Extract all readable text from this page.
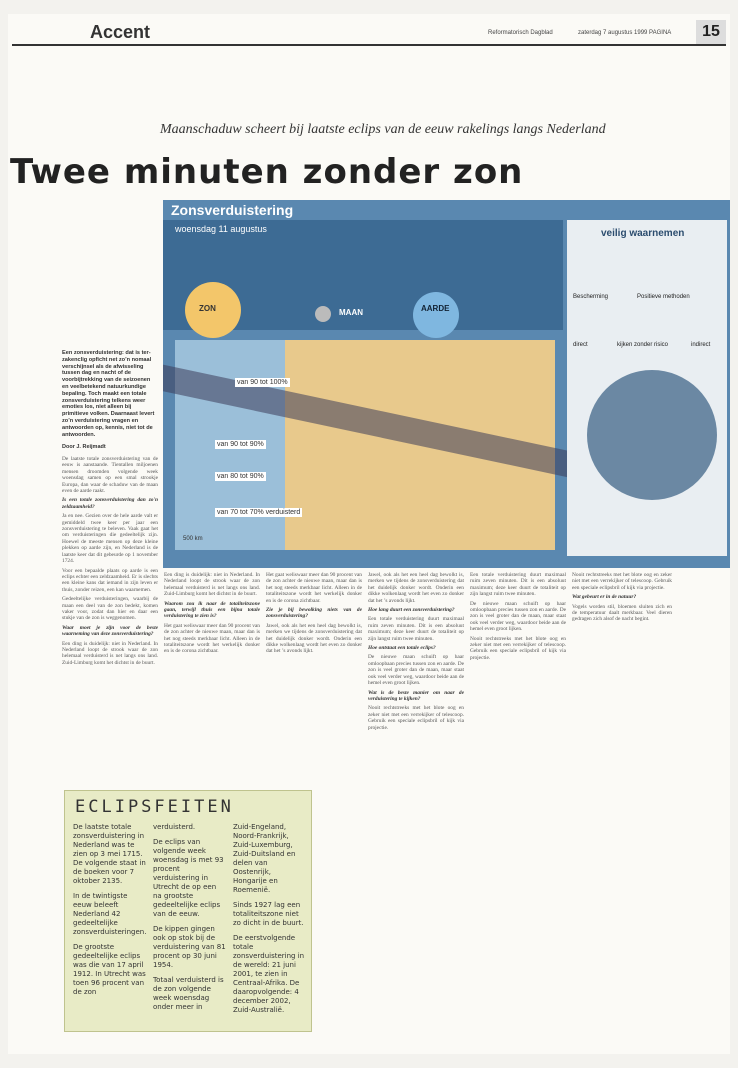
Accent	Reformatorisch Dagblad	zaterdag 7 augustus 1999 PAGINA	15
Maanschaduw scheert bij laatste eclips van de eeuw rakelings langs Nederland
Twee minuten zonder zon
Zonsverduistering
woensdag 11 augustus
ZON	MAAN	AARDE
van 90 tot 100%
van 90 tot 90%
van 80 tot 90%
van 70 tot 70% verduisterd
500 km
veilig waarnemen
Bescherming	Positieve methoden
direct	kijken zonder risico	indirect
Een zonsverduistering: dat is ter-zakenclig opficht net zo’n nomaal verschijnsel als de afwisseling tussen dag en nacht of de voorbijtrekking van de seizoenen en veelbetekend natuurkundige bepaling. Toch maakt een totale zonsverduistering telkens weer emoties los, niet alleen bij primitieve volken. Daarnaast levert zo’n verduistering vragen en antwoorden op, kennis, niet tot de antwoorden.
Door J. Reijmadt

De laatste totale zonsverduistering van de eeuw is aanstaande. Tientallen miljoenen mensen droomden volgende week woensdag samen op een smal strookje Europa, dan waar de schaduw van de maan even de aarde raakt.

Is een totale zonsverduistering dan zo'n zeldzaamheid?

Ja en nee. Gezien over de hele aarde valt er gemiddeld twee keer per jaar een zonsverduistering te beleven. Vaak gaat het om verduisteringen die gedeeltelijk zijn. Hoewel de meeste mensen op deze kleine plekken op aarde zijn, en Nederland is de laatste keer dat dit gebeurde op 1 november 1724.

Voor een bepaalde plaats op aarde is een eclips echter een zeldzaamheid. Er is slechts een kleine kans dat iemand in zijn leven er thuis, zonder reizen, een kan waarnemen.

Gedeeltelijke verduisteringen, waarbij de maan een deel van de zon bedekt, komen vaker voor, zodat dan hier en daar een stukje van de zon is weggenomen.

Waar moet je zijn voor de beste waarneming van deze zonsverduistering?

Een ding is duidelijk: niet in Nederland. In Nederland loopt de strook waar de zon helemaal verduisterd is net langs ons land. Zuid-Limburg komt het dichtst in de buurt.

Een ding is duidelijk: niet in Nederland. In Nederland loopt de strook waar de zon helemaal verduisterd is net langs ons land. Zuid-Limburg komt het dichtst in de buurt.

Waarom zou ik naar de totaliteitszone gaan, terwijl thuis een bijna totale verduistering te zien is?

Het gaat weliswaar meer dan 90 procent van de zon achter de nieuwe maan, maar dan is het nog steeds merkbaar licht. Alleen in de totaliteitszone wordt het werkelijk donker en is de corona zichtbaar.

Het gaat weliswaar meer dan 90 procent van de zon achter de nieuwe maan, maar dan is het nog steeds merkbaar licht. Alleen in de totaliteitszone wordt het werkelijk donker en is de corona zichtbaar.

Zie je bij bewolking niets van de zonsverduistering?

Jawel, ook als het een heel dag bewolkt is, merken we tijdens de zonsverduistering dat het duidelijk donker wordt. Onderin een dikke wolkenlaag wordt het even zo donker dat het ’s avonds lijkt.

Jawel, ook als het een heel dag bewolkt is, merken we tijdens de zonsverduistering dat het duidelijk donker wordt. Onderin een dikke wolkenlaag wordt het even zo donker dat het ’s avonds lijkt.

Hoe lang duurt een zonsverduistering?

Een totale verduistering duurt maximaal ruim zeven minuten. Dit is een absoluut maximum; deze keer duurt de totaliteit op zijn langst ruim twee minuten.

Hoe ontstaat een totale eclips?

De nieuwe maan schuift op haar omloopbaan precies tussen zon en aarde. De zon is veel groter dan de maan, maar staat ook veel verder weg, waardoor beide aan de hemel even groot lijken.

Wat is de beste manier om naar de verduistering te kijken?

Nooit rechtstreeks met het blote oog en zeker niet met een verrekijker of telescoop. Gebruik een speciale eclipsbril of kijk via projectie.

Een totale verduistering duurt maximaal ruim zeven minuten. Dit is een absoluut maximum; deze keer duurt de totaliteit op zijn langst ruim twee minuten.

De nieuwe maan schuift op haar omloopbaan precies tussen zon en aarde. De zon is veel groter dan de maan, maar staat ook veel verder weg, waardoor beide aan de hemel even groot lijken.

Nooit rechtstreeks met het blote oog en zeker niet met een verrekijker of telescoop. Gebruik een speciale eclipsbril of kijk via projectie.

Nooit rechtstreeks met het blote oog en zeker niet met een verrekijker of telescoop. Gebruik een speciale eclipsbril of kijk via projectie.

Wat gebeurt er in de natuur?

Vogels worden stil, bloemen sluiten zich en de temperatuur daalt merkbaar. Veel dieren gedragen zich alsof de nacht begint.

ECLIPSFEITEN
De laatste totale zonsverduistering in Nederland was te zien op 3 mei 1715. De volgende staat in de boeken voor 7 oktober 2135.
In de twintigste eeuw beleeft Nederland 42 gedeeltelijke zonsverduisteringen.
De grootste gedeeltelijke eclips was die van 17 april 1912. In Utrecht was toen 96 procent van de zon
verduisterd.
De eclips van volgende week woensdag is met 93 procent verduistering in Utrecht de op een na grootste gedeeltelijke eclips van de eeuw.
De kippen gingen ook op stok bij de verduistering van 81 procent op 30 juni 1954.
Totaal verduisterd is de zon volgende week woensdag onder meer in
Zuid-Engeland, Noord-Frankrijk, Zuid-Luxemburg, Zuid-Duitsland en delen van Oostenrijk, Hongarije en Roemenië.
Sinds 1927 lag een totaliteitszone niet zo dicht in de buurt.
De eerstvolgende totale zonsverduistering in de wereld: 21 juni 2001, te zien in Centraal-Afrika. De daaropvolgende: 4 december 2002, Zuid-Australië.
